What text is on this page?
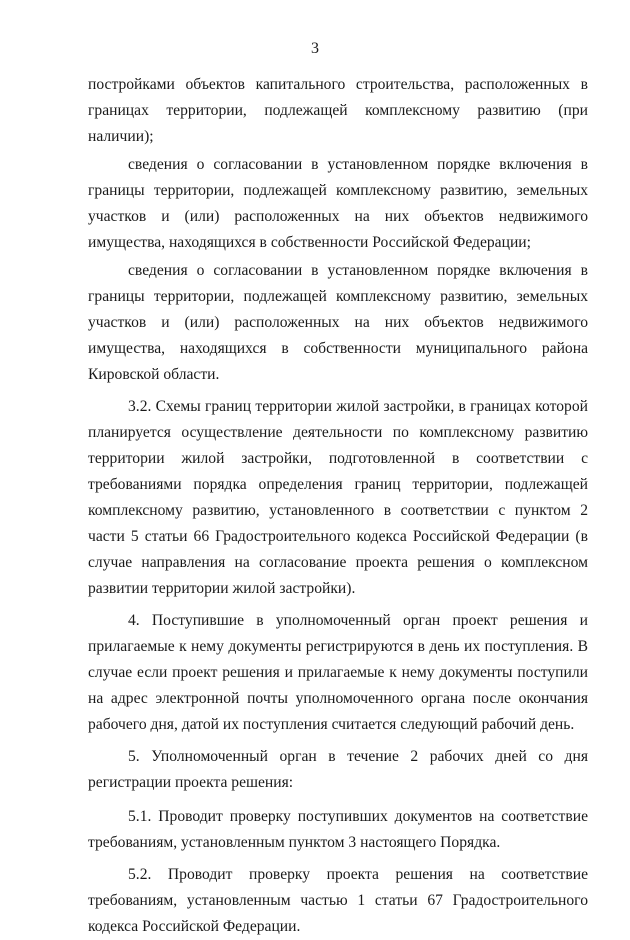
3

постройками объектов капитального строительства, расположенных в границах территории, подлежащей комплексному развитию (при наличии);

сведения о согласовании в установленном порядке включения в границы территории, подлежащей комплексному развитию, земельных участков и (или) расположенных на них объектов недвижимого имущества, находящихся в собственности Российской Федерации;

сведения о согласовании в установленном порядке включения в границы территории, подлежащей комплексному развитию, земельных участков и (или) расположенных на них объектов недвижимого имущества, находящихся в собственности муниципального района Кировской области.

3.2. Схемы границ территории жилой застройки, в границах которой планируется осуществление деятельности по комплексному развитию территории жилой застройки, подготовленной в соответствии с требованиями порядка определения границ территории, подлежащей комплексному развитию, установленного в соответствии с пунктом 2 части 5 статьи 66 Градостроительного кодекса Российской Федерации (в случае направления на согласование проекта решения о комплексном развитии территории жилой застройки).

4. Поступившие в уполномоченный орган проект решения и прилагаемые к нему документы регистрируются в день их поступления. В случае если проект решения и прилагаемые к нему документы поступили на адрес электронной почты уполномоченного органа после окончания рабочего дня, датой их поступления считается следующий рабочий день.

5. Уполномоченный орган в течение 2 рабочих дней со дня регистрации проекта решения:

5.1. Проводит проверку поступивших документов на соответствие требованиям, установленным пунктом 3 настоящего Порядка.

5.2. Проводит проверку проекта решения на соответствие требованиям, установленным частью 1 статьи 67 Градостроительного кодекса Российской Федерации.
